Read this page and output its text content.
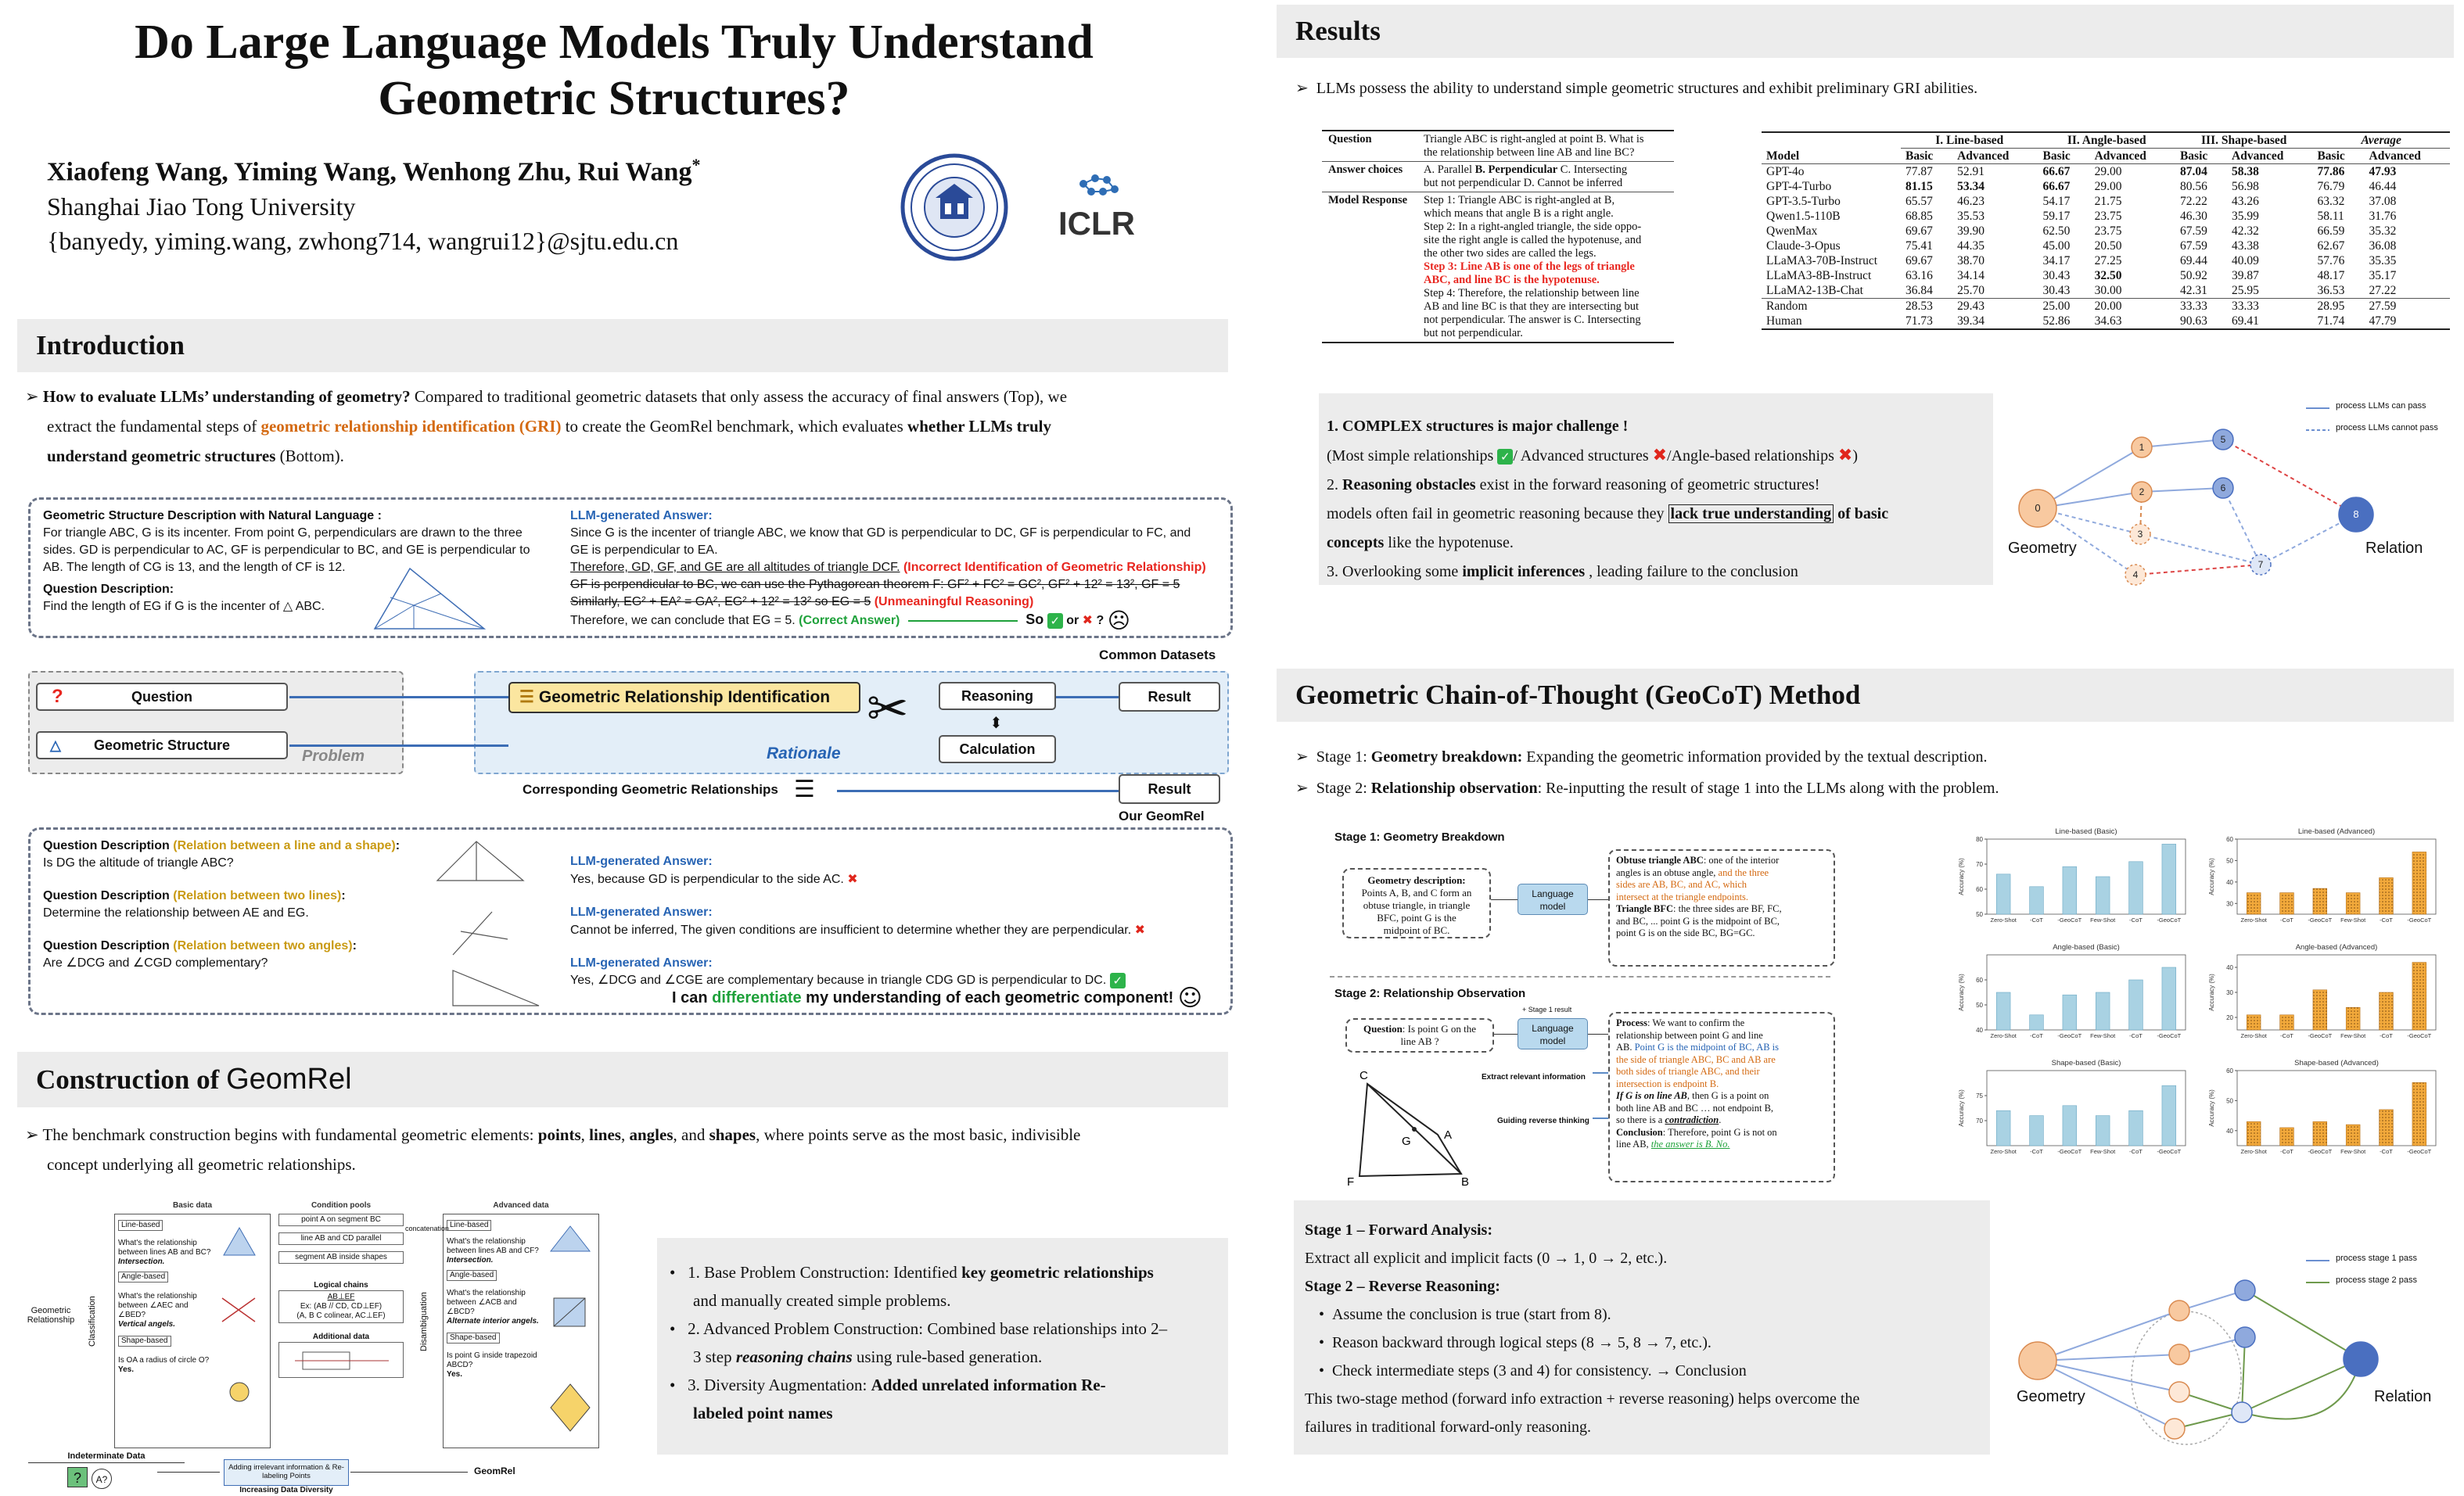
Do Large Language Models Truly Understand
Geometric Structures?
Xiaofeng Wang, Yiming Wang, Wenhong Zhu, Rui Wang*
Shanghai Jiao Tong University
{banyedy, yiming.wang, zwhong714, wangrui12}@sjtu.edu.cn	ICLR
Introduction
➢ How to evaluate LLMs’ understanding of geometry? Compared to traditional geometric datasets that only assess the accuracy of final answers (Top), we
extract the fundamental steps of geometric relationship identification (GRI) to create the GeomRel benchmark, which evaluates whether LLMs truly
understand geometric structures (Bottom).
Geometric Structure Description with Natural Language :
For triangle ABC, G is its incenter. From point G, perpendiculars are drawn to the three
sides. GD is perpendicular to AC, GF is perpendicular to BC, and GE is perpendicular to
AB. The length of CG is 13, and the length of CF is 12.
Question Description:
Find the length of EG if G is the incenter of △ ABC.
LLM-generated Answer:
Since G is the incenter of triangle ABC, we know that GD is perpendicular to DC, GF is perpendicular to FC, and
GE is perpendicular to EA.
Therefore, GD, GF, and GE are all altitudes of triangle DCF. (Incorrect Identification of Geometric Relationship)
GF is perpendicular to BC, we can use the Pythagorean theorem F: GF² + FC² = GC², GF² + 12² = 13², GF = 5
Similarly, EG² + EA² = GA², EG² + 12² = 13² so EG = 5 (Unmeaningful Reasoning)
Therefore, we can conclude that EG = 5. (Correct Answer)	So ✓ or ✖ ? ☹
Common Datasets
?	Question
△ Geometric Structure
Problem
☰ Geometric Relationship Identification ✂	Reasoning
Calculation
⬍
Result
Rationale
Corresponding Geometric Relationships ☰	Result
Our GeomRel
Question Description (Relation between a line and a shape):
Is DG the altitude of triangle ABC?
Question Description (Relation between two lines):
Determine the relationship between AE and EG.
Question Description (Relation between two angles):
Are ∠DCG and ∠CGD complementary?
LLM-generated Answer:
Yes, because GD is perpendicular to the side AC. ✖
LLM-generated Answer:
Cannot be inferred, The given conditions are insufficient to determine whether they are perpendicular. ✖
LLM-generated Answer:
Yes, ∠DCG and ∠CGE are complementary because in triangle CDG GD is perpendicular to DC. ✓
I can differentiate my understanding of each geometric component! ☺
Construction of GeomRel
➢ The benchmark construction begins with fundamental geometric elements: points, lines, angles, and shapes, where points serve as the most basic, indivisible
concept underlying all geometric relationships.
Basic data	Condition pools	Advanced data
Geometric Relationship	Classification	Disambiguation
Line-based
What's the relationship between lines AB and BC?
Intersection.
Angle-based
What's the relationship between ∠AEC and ∠BED?
Vertical angels.
Shape-based
Is OA a radius of circle O?
Yes.
point A on segment BC
line AB and CD parallel
segment AB inside shapes
Logical chains
AB⊥EF
Ex: (AB // CD, CD⊥EF)
(A, B C colinear, AC⊥EF)
Additional data
concatenation Line-based
What's the relationship between lines AB and CF?
Intersection.
Angle-based
What's the relationship between ∠ACB and ∠BCD?
Alternate interior angels.
Shape-based
Is point G inside trapezoid ABCD?
Yes.
Indeterminate Data
? A?
Adding irrelevant information & Re-labeling Points
Increasing Data Diversity
GeomRel
•   1. Base Problem Construction: Identified key geometric relationships
and manually created simple problems.
•   2. Advanced Problem Construction: Combined base relationships into 2–
3 step reasoning chains using rule-based generation.
•   3. Diversity Augmentation: Added unrelated information Re-
labeled point names
Results
➢  LLMs possess the ability to understand simple geometric structures and exhibit preliminary GRI abilities.
Question	Triangle ABC is right-angled at point B. What is
the relationship between line AB and line BC?
Answer choices	A. Parallel B. Perpendicular C. Intersecting
but not perpendicular D. Cannot be inferred
Model Response	Step 1: Triangle ABC is right-angled at B,
which means that angle B is a right angle.
Step 2: In a right-angled triangle, the side oppo-
site the right angle is called the hypotenuse, and
the other two sides are called the legs.
Step 3: Line AB is one of the legs of triangle
ABC, and line BC is the hypotenuse.
Step 4: Therefore, the relationship between line
AB and line BC is that they are intersecting but
not perpendicular. The answer is C. Intersecting
but not perpendicular.
	I. Line-based		II. Angle-based		III. Shape-based		Average	
Model	Basic	Advanced	Basic	Advanced	Basic	Advanced	Basic	Advanced
GPT-4o	77.87	52.91	66.67	29.00	87.04	58.38	77.86	47.93
GPT-4-Turbo	81.15	53.34	66.67	29.00	80.56	56.98	76.79	46.44
GPT-3.5-Turbo	65.57	46.23	54.17	21.75	72.22	43.26	63.32	37.08
Qwen1.5-110B	68.85	35.53	59.17	23.75	46.30	35.99	58.11	31.76
QwenMax	69.67	39.90	62.50	23.75	67.59	42.32	66.59	35.32
Claude-3-Opus	75.41	44.35	45.00	20.50	67.59	43.38	62.67	36.08
LLaMA3-70B-Instruct	69.67	38.70	34.17	27.25	69.44	40.09	57.76	35.35
LLaMA3-8B-Instruct	63.16	34.14	30.43	32.50	50.92	39.87	48.17	35.17
LLaMA2-13B-Chat	36.84	25.70	30.43	30.00	42.31	25.95	36.53	27.22
Random	28.53	29.43	25.00	20.00	33.33	33.33	28.95	27.59
Human	71.73	39.34	52.86	34.63	90.63	69.41	71.74	47.79
1. COMPLEX structures is major challenge !
(Most simple relationships ✓ / Advanced structures ✖/Angle-based relationships ✖)
2. Reasoning obstacles exist in the forward reasoning of geometric structures!
models often fail in geometric reasoning because they lack true understanding of basic
concepts like the hypotenuse.
3. Overlooking some implicit inferences , leading failure to the conclusion
0
1
2
3
4
5
6
7
8
process LLMs can pass
process LLMs cannot pass
Geometry	Relation
Geometric Chain-of-Thought (GeoCoT) Method
➢  Stage 1: Geometry breakdown: Expanding the geometric information provided by the textual description.
➢  Stage 2: Relationship observation: Re-inputting the result of stage 1 into the LLMs along with the problem.
Stage 1: Geometry Breakdown
Geometry description:
Points A, B, and C form an
obtuse triangle, in triangle
BFC, point G is the
midpoint of BC.
Language model
Obtuse triangle ABC: one of the interior
angles is an obtuse angle, and the three
sides are AB, BC, and AC, which
intersect at the triangle endpoints.
Triangle BFC: the three sides are BF, FC,
and BC, ... point G is the midpoint of BC,
point G is on the side BC, BG=GC.
Stage 2: Relationship Observation
+ Stage 1 result
Question: Is point G on the
line AB ?
Language model
Extract relevant information
Guiding reverse thinking
Process: We want to confirm the
relationship between point G and line
AB. Point G is the midpoint of BC, AB is
the side of triangle ABC, BC and AB are
both sides of triangle ABC, and their
intersection is endpoint B.
If G is on line AB, then G is a point on
both line AB and BC … not endpoint B,
so there is a contradiction.
Conclusion: Therefore, point G is not on
line AB, the answer is B. No.
C
A
G
F	B
Line-based (Basic)
Accuracy (%)
50
60
70
80
Zero-Shot -CoT -GeoCoT Few-Shot -CoT -GeoCoT
Line-based (Advanced)
Accuracy (%)
30
40
50
60
Zero-Shot -CoT -GeoCoT Few-Shot -CoT -GeoCoT
Angle-based (Basic)
Accuracy (%)
40
50
60
Zero-Shot -CoT -GeoCoT Few-Shot -CoT -GeoCoT
Angle-based (Advanced)
Accuracy (%)
20
30
40
Zero-Shot -CoT -GeoCoT Few-Shot -CoT -GeoCoT
Shape-based (Basic)
Accuracy (%) 70
75
Zero-Shot -CoT -GeoCoT Few-Shot -CoT -GeoCoT
Shape-based (Advanced)
Accuracy (%)
40
50
60
Zero-Shot -CoT -GeoCoT Few-Shot -CoT -GeoCoT
Stage 1 – Forward Analysis:
Extract all explicit and implicit facts (0 → 1, 0 → 2, etc.).
Stage 2 – Reverse Reasoning:
•  Assume the conclusion is true (start from 8).
•  Reason backward through logical steps (8 → 5, 8 → 7, etc.).
•  Check intermediate steps (3 and 4) for consistency. → Conclusion
This two-stage method (forward info extraction + reverse reasoning) helps overcome the
failures in traditional forward-only reasoning.
process stage 1 pass
process stage 2 pass
Geometry	Relation
